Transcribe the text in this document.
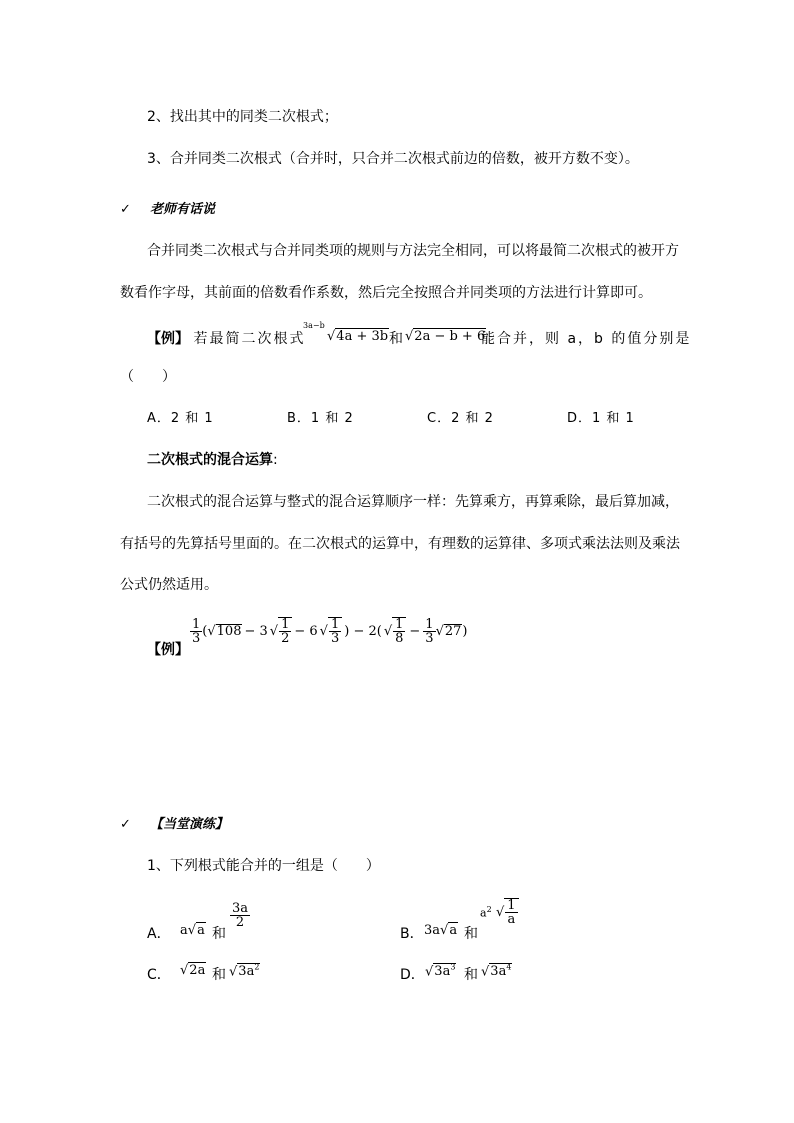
2、找出其中的同类二次根式；
3、合并同类二次根式（合并时，只合并二次根式前边的倍数，被开方数不变）。
✓ 老师有话说
合并同类二次根式与合并同类项的规则与方法完全相同，可以将最简二次根式的被开方
数看作字母，其前面的倍数看作系数，然后完全按照合并同类项的方法进行计算即可。
【例】 若最简二次根式
3a−b
√4a + 3b 和 √2a − b + 6
能合并，则 a，b 的值分别是
（　　）
A．2 和 1	B．1 和 2	C．2 和 2	D．1 和 1
二次根式的混合运算:
二次根式的混合运算与整式的混合运算顺序一样：先算乘方，再算乘除，最后算加减，
有括号的先算括号里面的。在二次根式的运算中，有理数的运算律、多项式乘法法则及乘法
公式仍然适用。
【例】
$\frac{1}{3}$ ( √ 108 − 3 √ $\frac{1}{2} - 6$ √ $\frac{1}{3}$ ) − 2( √ $\frac{1}{8} - \frac{1}{3}$ √ 27 )
✓ 【当堂演练】
1、下列根式能合并的一组是（　　）
A． a√a 和
$\frac{3a}{2}$
B． 3a√a 和
$a^2$ √ $\frac{1}{a}$
C． √2a 和 $√3a^2$	D． $√3a^3$ 和 $√3a^4$
